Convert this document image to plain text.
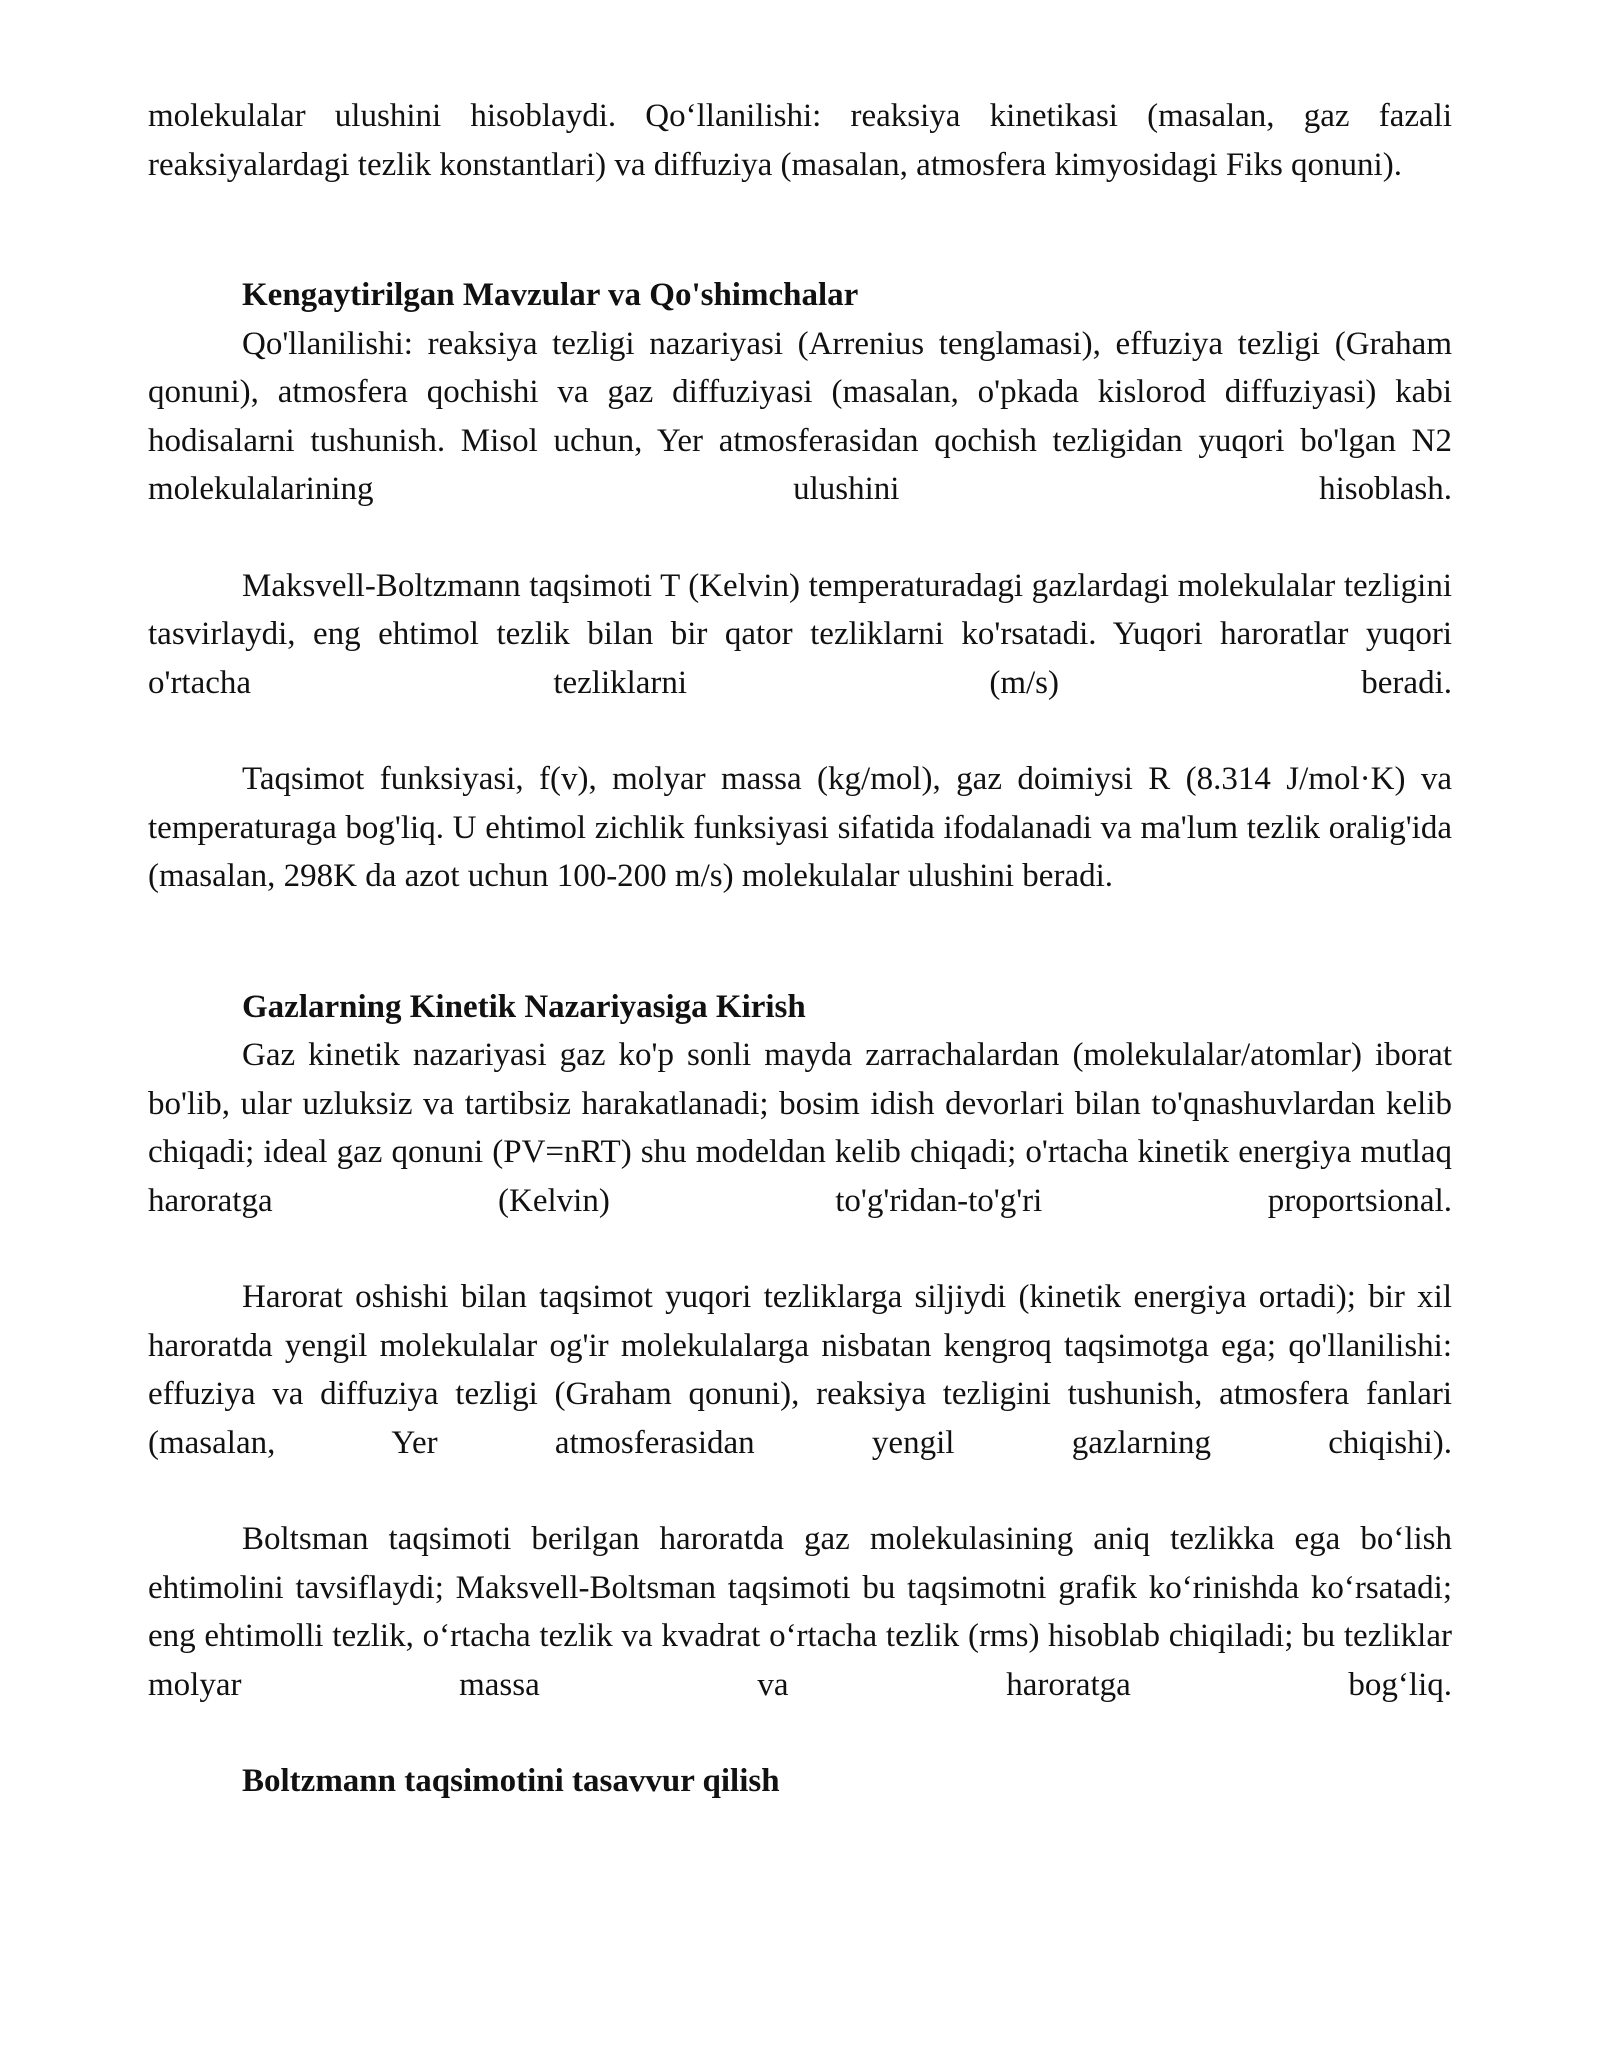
molekulalar ulushini hisoblaydi. Qo‘llanilishi: reaksiya kinetikasi (masalan, gaz fazali reaksiyalardagi tezlik konstantlari) va diffuziya (masalan, atmosfera kimyosidagi Fiks qonuni).

Kengaytirilgan Mavzular va Qo'shimchalar

Qo'llanilishi: reaksiya tezligi nazariyasi (Arrenius tenglamasi), effuziya tezligi (Graham qonuni), atmosfera qochishi va gaz diffuziyasi (masalan, o'pkada kislorod diffuziyasi) kabi hodisalarni tushunish. Misol uchun, Yer atmosferasidan qochish tezligidan yuqori bo'lgan N2 molekulalarining ulushini hisoblash.

Maksvell-Boltzmann taqsimoti T (Kelvin) temperaturadagi gazlardagi molekulalar tezligini tasvirlaydi, eng ehtimol tezlik bilan bir qator tezliklarni ko'rsatadi. Yuqori haroratlar yuqori o'rtacha tezliklarni (m/s) beradi.

Taqsimot funksiyasi, f(v), molyar massa (kg/mol), gaz doimiysi R (8.314 J/mol·K) va temperaturaga bog'liq. U ehtimol zichlik funksiyasi sifatida ifodalanadi va ma'lum tezlik oralig'ida (masalan, 298K da azot uchun 100-200 m/s) molekulalar ulushini beradi.

Gazlarning Kinetik Nazariyasiga Kirish

Gaz kinetik nazariyasi gaz ko'p sonli mayda zarrachalardan (molekulalar/atomlar) iborat bo'lib, ular uzluksiz va tartibsiz harakatlanadi; bosim idish devorlari bilan to'qnashuvlardan kelib chiqadi; ideal gaz qonuni (PV=nRT) shu modeldan kelib chiqadi; o'rtacha kinetik energiya mutlaq haroratga (Kelvin) to'g'ridan-to'g'ri proportsional.

Harorat oshishi bilan taqsimot yuqori tezliklarga siljiydi (kinetik energiya ortadi); bir xil haroratda yengil molekulalar og'ir molekulalarga nisbatan kengroq taqsimotga ega; qo'llanilishi: effuziya va diffuziya tezligi (Graham qonuni), reaksiya tezligini tushunish, atmosfera fanlari (masalan, Yer atmosferasidan yengil gazlarning chiqishi).

Boltsman taqsimoti berilgan haroratda gaz molekulasining aniq tezlikka ega bo‘lish ehtimolini tavsiflaydi; Maksvell-Boltsman taqsimoti bu taqsimotni grafik ko‘rinishda ko‘rsatadi; eng ehtimolli tezlik, o‘rtacha tezlik va kvadrat o‘rtacha tezlik (rms) hisoblab chiqiladi; bu tezliklar molyar massa va haroratga bog‘liq.

Boltzmann taqsimotini tasavvur qilish
